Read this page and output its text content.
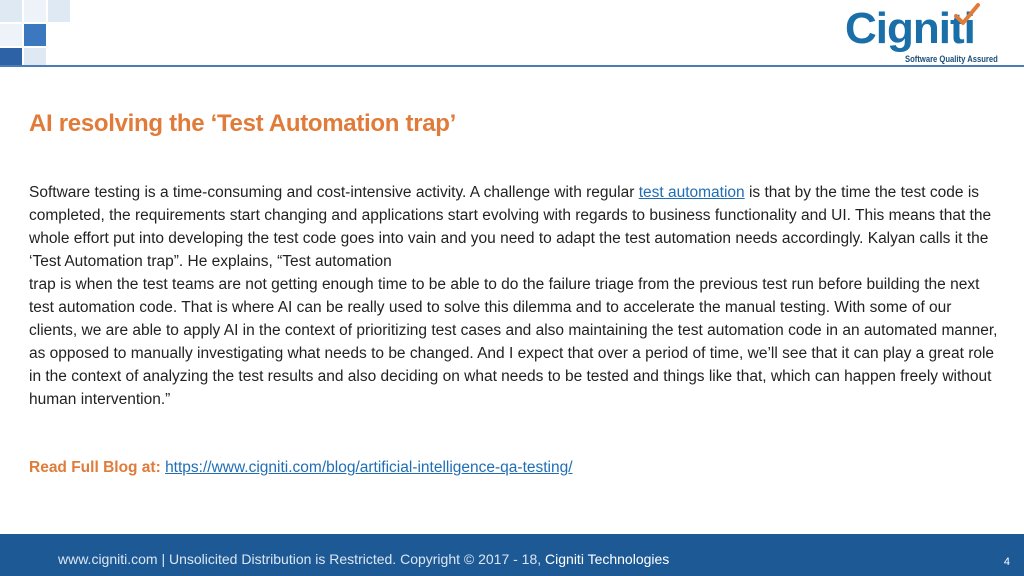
Cigniti
Software Quality Assured
AI resolving the ‘Test Automation trap’

Software testing is a time-consuming and cost-intensive activity. A challenge with regular test automation is that by the time the test code is completed, the requirements start changing and applications start evolving with regards to business functionality and UI. This means that the whole effort put into developing the test code goes into vain and you need to adapt the test automation needs accordingly. Kalyan calls it the ‘Test Automation trap”. He explains, “Test automation
trap is when the test teams are not getting enough time to be able to do the failure triage from the previous test run before building the next test automation code. That is where AI can be really used to solve this dilemma and to accelerate the manual testing. With some of our clients, we are able to apply AI in the context of prioritizing test cases and also maintaining the test automation code in an automated manner, as opposed to manually investigating what needs to be changed. And I expect that over a period of time, we’ll see that it can play a great role in the context of analyzing the test results and also deciding on what needs to be tested and things like that, which can happen freely without human intervention.”

Read Full Blog at: https://www.cigniti.com/blog/artificial-intelligence-qa-testing/
www.cigniti.com | Unsolicited Distribution is Restricted. Copyright © 2017 - 18, Cigniti Technologies	4
